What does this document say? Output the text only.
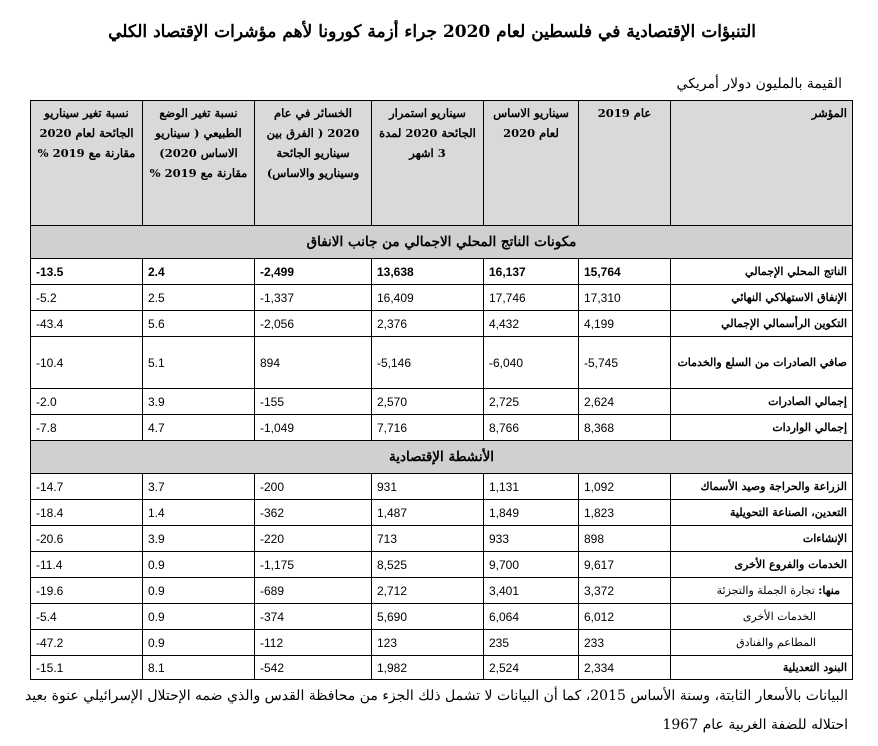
التنبؤات الإقتصادية في فلسطين لعام 2020 جراء أزمة كورونا لأهم مؤشرات الإقتصاد الكلي
القيمة بالمليون دولار أمريكي
المؤشر	عام 2019	سيناريو الاساس لعام 2020	سيناريو استمرار الجائحة 2020 لمدة 3 اشهر	الخسائر في عام 2020 ( الفرق بين سيناريو الجائحة وسيناريو والاساس)	نسبة تغير الوضع الطبيعي ( سيناريو الاساس 2020) مقارنة مع 2019 %	نسبة تغير سيناريو الجائحة لعام 2020 مقارنة مع 2019 %
مكونات الناتج المحلي الاجمالي من جانب الانفاق						
الناتج المحلي الإجمالي	15,764	16,137	13,638	-2,499	2.4	-13.5
الإنفاق الاستهلاكي النهائي	17,310	17,746	16,409	-1,337	2.5	-5.2
التكوين الرأسمالي الإجمالي	4,199	4,432	2,376	-2,056	5.6	-43.4
صافي الصادرات من السلع والخدمات	-5,745	-6,040	-5,146	894	5.1	-10.4
إجمالي الصادرات	2,624	2,725	2,570	-155	3.9	-2.0
إجمالي الواردات	8,368	8,766	7,716	-1,049	4.7	-7.8
الأنشطة الإقتصادية						
الزراعة والحراجة وصيد الأسماك	1,092	1,131	931	-200	3.7	-14.7
التعدين، الصناعة التحويلية	1,823	1,849	1,487	-362	1.4	-18.4
الإنشاءات	898	933	713	-220	3.9	-20.6
الخدمات والفروع الأخرى	9,617	9,700	8,525	-1,175	0.9	-11.4
منها: تجارة الجملة والتجزئة	3,372	3,401	2,712	-689	0.9	-19.6
الخدمات الأخرى	6,012	6,064	5,690	-374	0.9	-5.4
المطاعم والفنادق	233	235	123	-112	0.9	-47.2
البنود التعديلية	2,334	2,524	1,982	-542	8.1	-15.1
البيانات بالأسعار الثابتة، وسنة الأساس 2015، كما أن البيانات لا تشمل ذلك الجزء من محافظة القدس والذي ضمه الإحتلال الإسرائيلي عنوة بعيد احتلاله للضفة الغربية عام 1967
